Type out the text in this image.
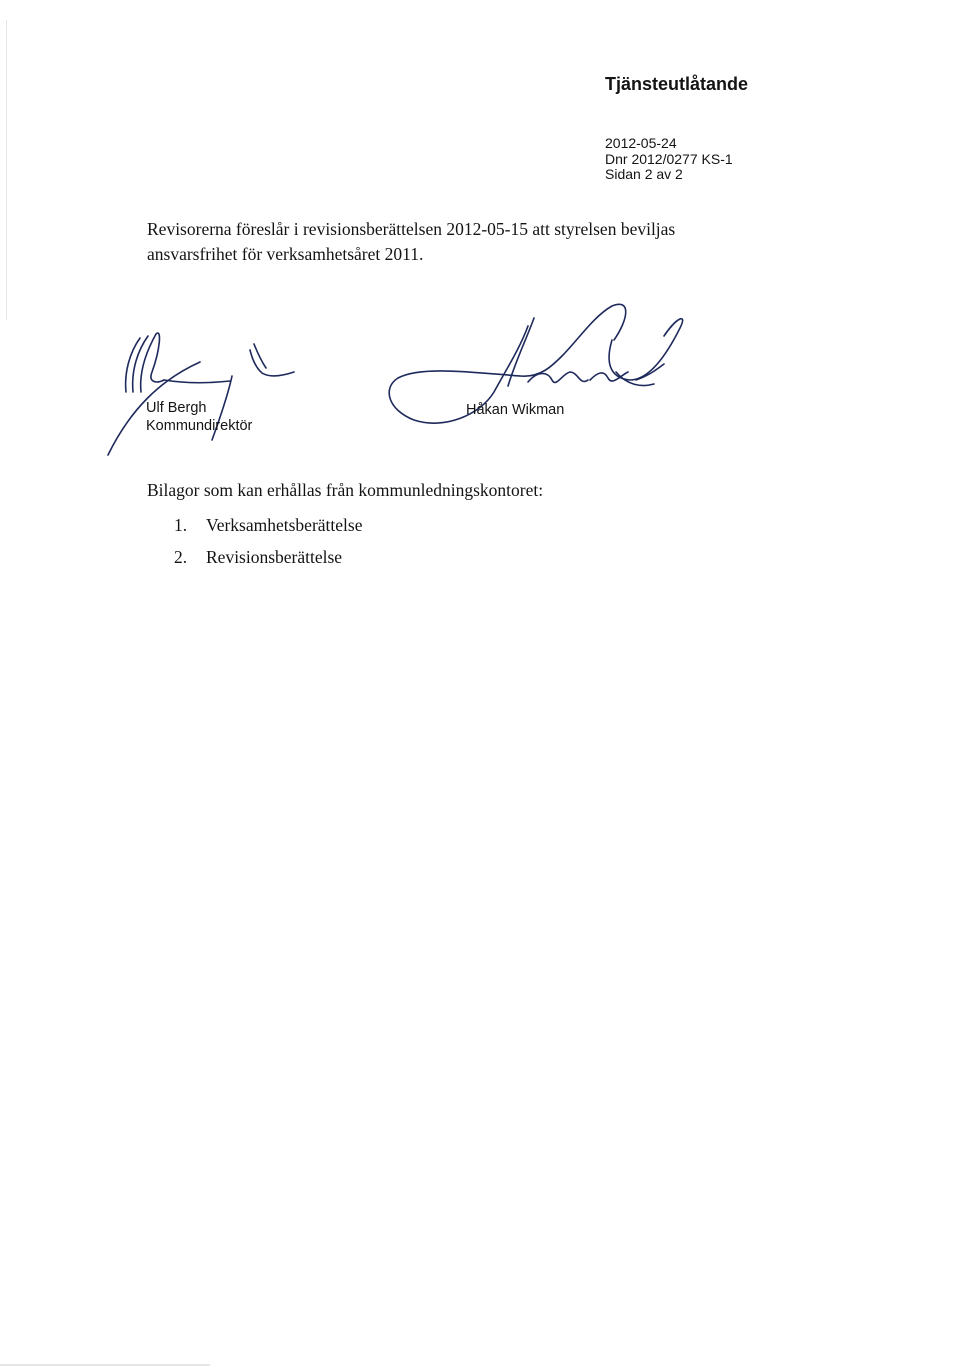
Tjänsteutlåtande
2012-05-24
Dnr 2012/0277 KS-1
Sidan 2 av 2
Revisorerna föreslår i revisionsberättelsen 2012-05-15 att styrelsen beviljas
ansvarsfrihet för verksamhetsåret 2011.
Ulf Bergh
Kommundirektör
Håkan Wikman
Bilagor som kan erhållas från kommunledningskontoret:
1. Verksamhetsberättelse
2. Revisionsberättelse
